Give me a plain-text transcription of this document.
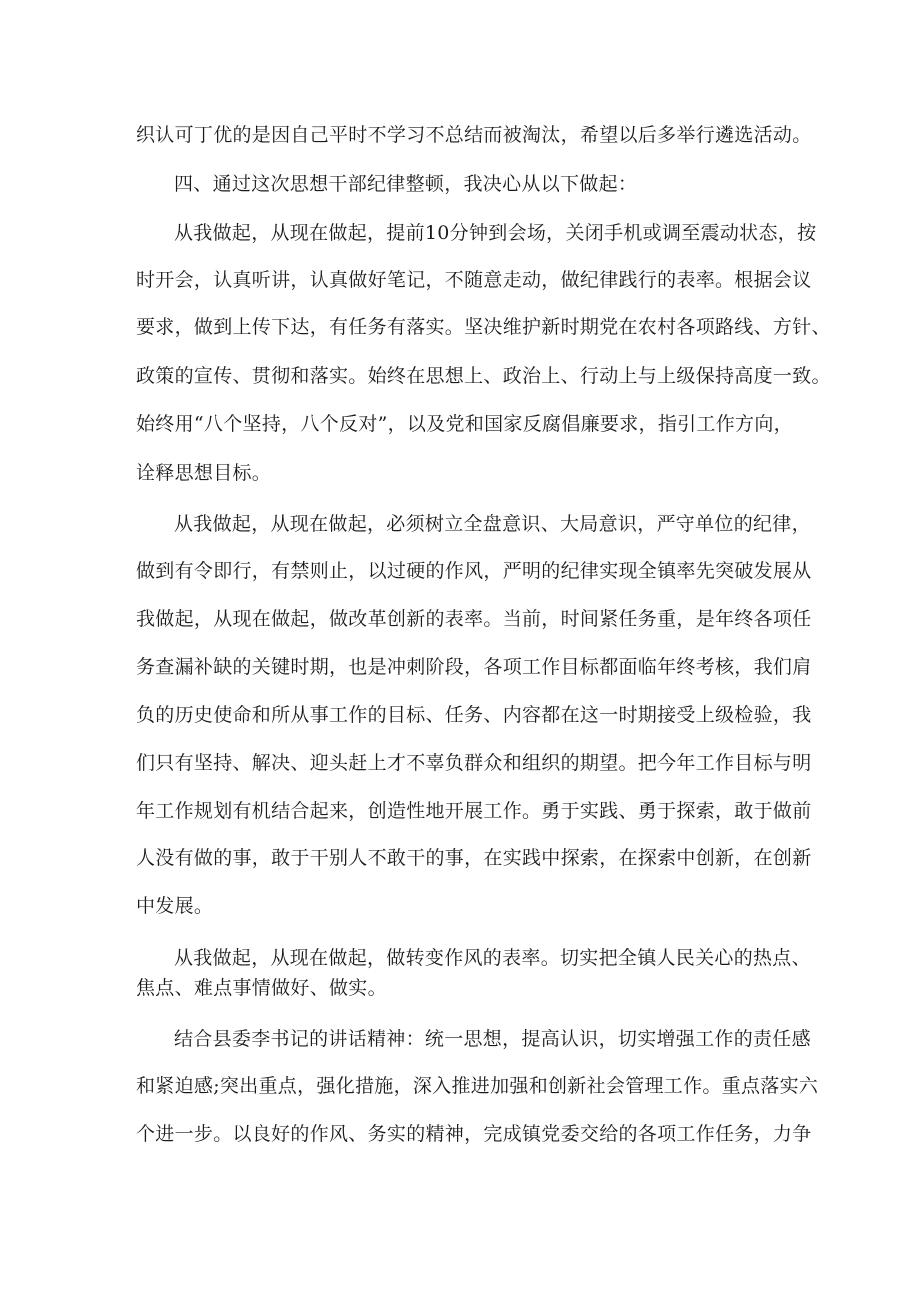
织认可丁优的是因自己平时不学习不总结而被淘汰，希望以后多举行遴选活动。
四、通过这次思想干部纪律整顿，我决心从以下做起：
从我做起，从现在做起，提前10分钟到会场，关闭手机或调至震动状态，按
时开会，认真听讲，认真做好笔记，不随意走动，做纪律践行的表率。根据会议
要求，做到上传下达，有任务有落实。坚决维护新时期党在农村各项路线、方针、
政策的宣传、贯彻和落实。始终在思想上、政治上、行动上与上级保持高度一致。
始终用“八个坚持，八个反对”，以及党和国家反腐倡廉要求，指引工作方向，
诠释思想目标。
从我做起，从现在做起，必须树立全盘意识、大局意识，严守单位的纪律，
做到有令即行，有禁则止，以过硬的作风，严明的纪律实现全镇率先突破发展从
我做起，从现在做起，做改革创新的表率。当前，时间紧任务重，是年终各项任
务查漏补缺的关键时期，也是冲刺阶段，各项工作目标都面临年终考核，我们肩
负的历史使命和所从事工作的目标、任务、内容都在这一时期接受上级检验，我
们只有坚持、解决、迎头赶上才不辜负群众和组织的期望。把今年工作目标与明
年工作规划有机结合起来，创造性地开展工作。勇于实践、勇于探索，敢于做前
人没有做的事，敢于干别人不敢干的事，在实践中探索，在探索中创新，在创新
中发展。
从我做起，从现在做起，做转变作风的表率。切实把全镇人民关心的热点、
焦点、难点事情做好、做实。
结合县委李书记的讲话精神：统一思想，提高认识，切实增强工作的责任感
和紧迫感;突出重点，强化措施，深入推进加强和创新社会管理工作。重点落实六
个进一步。以良好的作风、务实的精神，完成镇党委交给的各项工作任务，力争
